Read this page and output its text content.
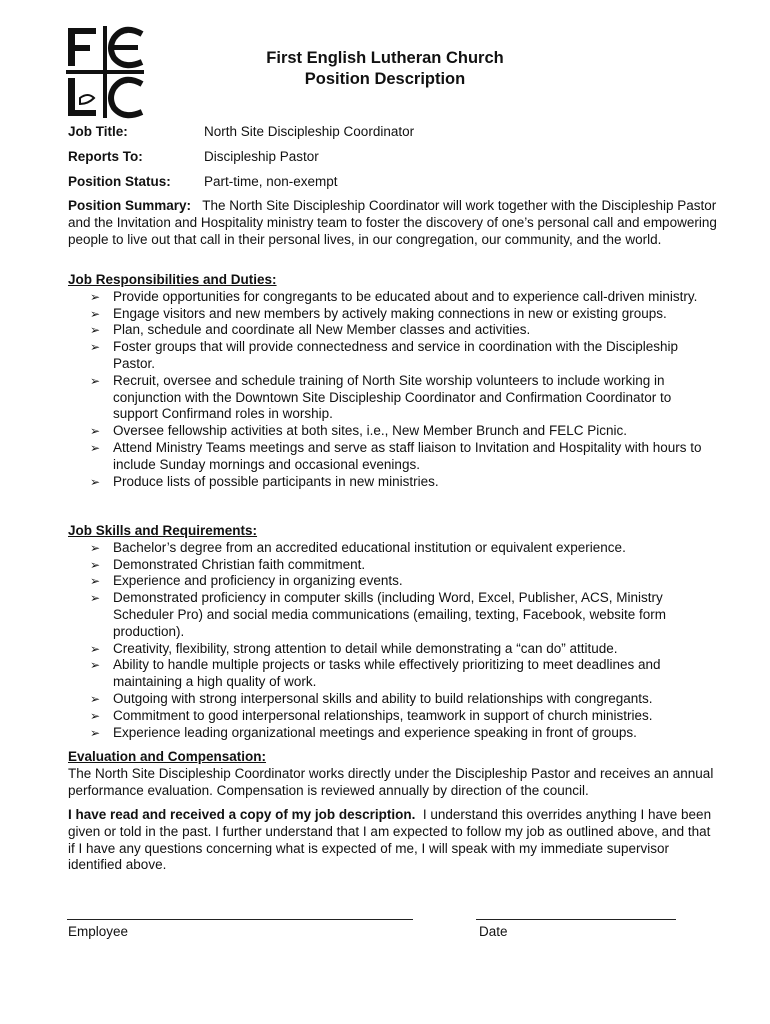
First English Lutheran Church
Position Description
Job Title:	North Site Discipleship Coordinator
Reports To:	Discipleship Pastor
Position Status: Part-time, non-exempt
Position Summary: The North Site Discipleship Coordinator will work together with the Discipleship Pastor and the Invitation and Hospitality ministry team to foster the discovery of one’s personal call and empowering people to live out that call in their personal lives, in our congregation, our community, and the world.
Job Responsibilities and Duties:
➢ Provide opportunities for congregants to be educated about and to experience call-driven ministry.
➢ Engage visitors and new members by actively making connections in new or existing groups.
➢ Plan, schedule and coordinate all New Member classes and activities.
➢ Foster groups that will provide connectedness and service in coordination with the Discipleship Pastor.
➢ Recruit, oversee and schedule training of North Site worship volunteers to include working in conjunction with the Downtown Site Discipleship Coordinator and Confirmation Coordinator to support Confirmand roles in worship.
➢ Oversee fellowship activities at both sites, i.e., New Member Brunch and FELC Picnic.
➢ Attend Ministry Teams meetings and serve as staff liaison to Invitation and Hospitality with hours to include Sunday mornings and occasional evenings.
➢ Produce lists of possible participants in new ministries.
Job Skills and Requirements:
➢ Bachelor’s degree from an accredited educational institution or equivalent experience.
➢ Demonstrated Christian faith commitment.
➢ Experience and proficiency in organizing events.
➢ Demonstrated proficiency in computer skills (including Word, Excel, Publisher, ACS, Ministry Scheduler Pro) and social media communications (emailing, texting, Facebook, website form production).
➢ Creativity, flexibility, strong attention to detail while demonstrating a “can do” attitude.
➢ Ability to handle multiple projects or tasks while effectively prioritizing to meet deadlines and maintaining a high quality of work.
➢ Outgoing with strong interpersonal skills and ability to build relationships with congregants.
➢ Commitment to good interpersonal relationships, teamwork in support of church ministries.
➢ Experience leading organizational meetings and experience speaking in front of groups.
Evaluation and Compensation:
The North Site Discipleship Coordinator works directly under the Discipleship Pastor and receives an annual performance evaluation. Compensation is reviewed annually by direction of the council.
I have read and received a copy of my job description. I understand this overrides anything I have been given or told in the past. I further understand that I am expected to follow my job as outlined above, and that if I have any questions concerning what is expected of me, I will speak with my immediate supervisor identified above.
Employee	Date
